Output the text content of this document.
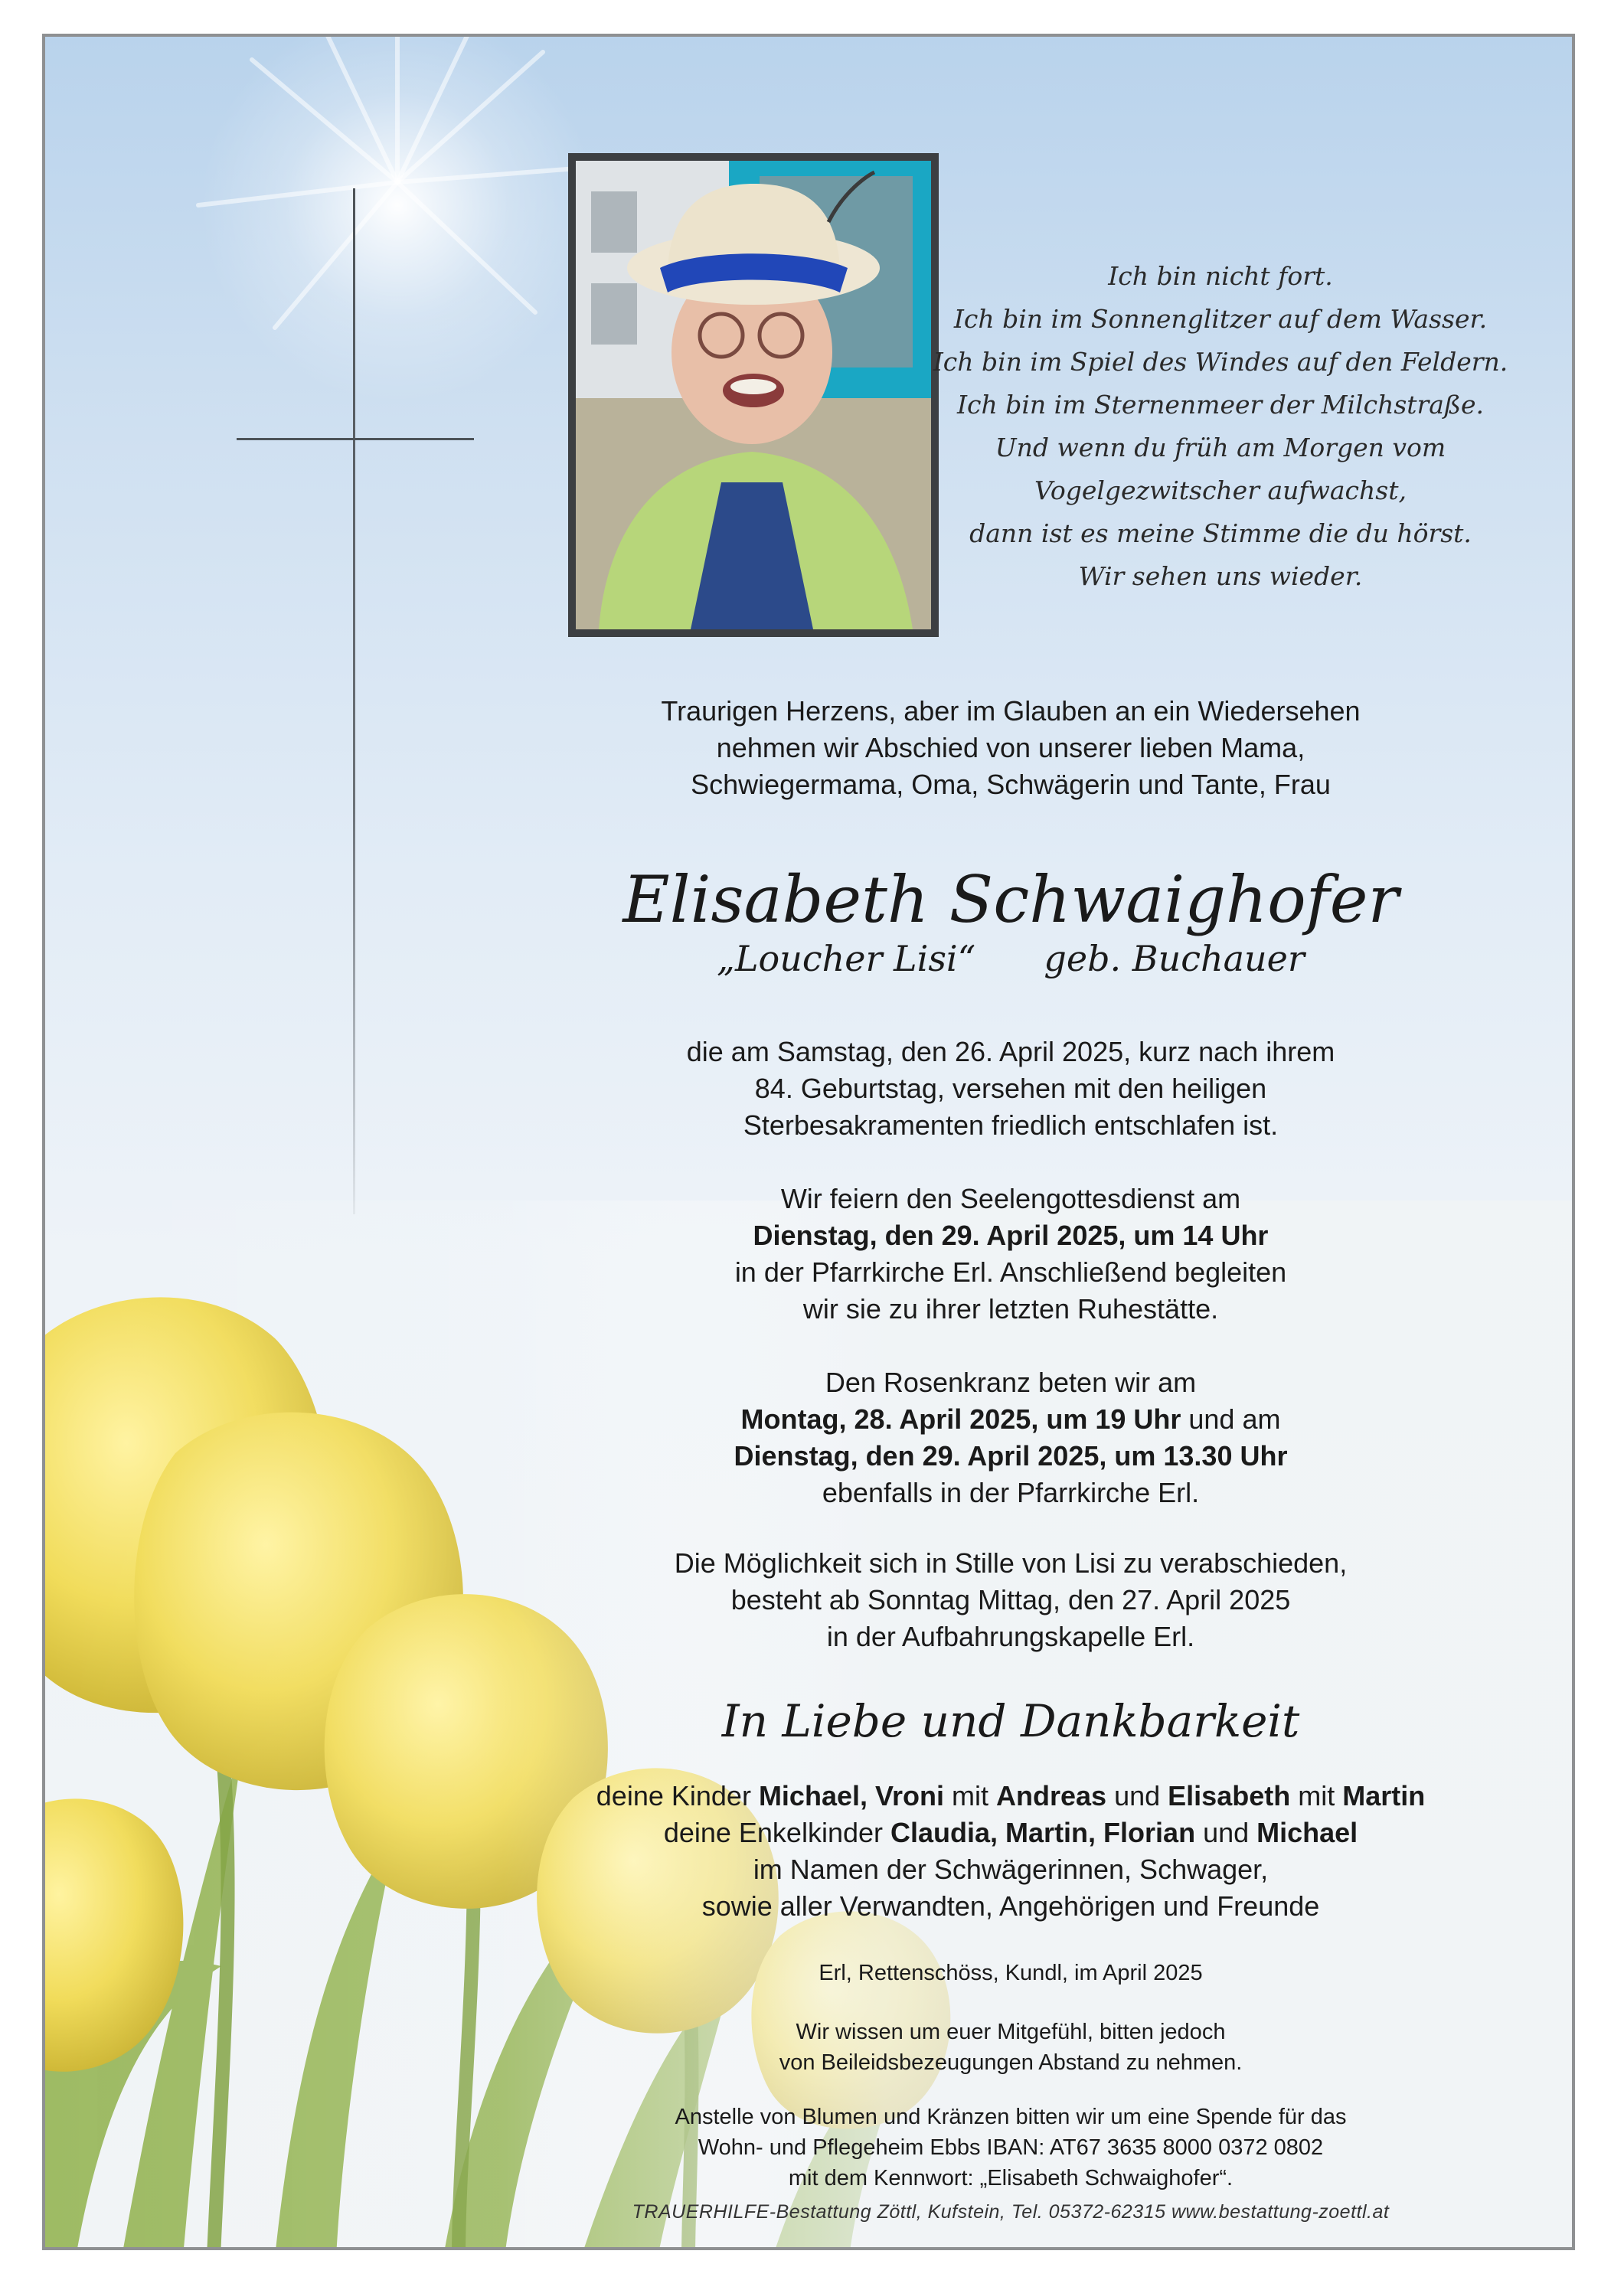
Ich bin nicht fort.
Ich bin im Sonnenglitzer auf dem Wasser.
Ich bin im Spiel des Windes auf den Feldern.
Ich bin im Sternenmeer der Milchstraße.
Und wenn du früh am Morgen vom
Vogelgezwitscher aufwachst,
dann ist es meine Stimme die du hörst.
Wir sehen uns wieder.
Traurigen Herzens, aber im Glauben an ein Wiedersehen
nehmen wir Abschied von unserer lieben Mama,
Schwiegermama, Oma, Schwägerin und Tante, Frau
Elisabeth Schwaighofer
„Loucher Lisi“ geb. Buchauer
die am Samstag, den 26. April 2025, kurz nach ihrem
84. Geburtstag, versehen mit den heiligen
Sterbesakramenten friedlich entschlafen ist.
Wir feiern den Seelengottesdienst am
Dienstag, den 29. April 2025, um 14 Uhr
in der Pfarrkirche Erl. Anschließend begleiten
wir sie zu ihrer letzten Ruhestätte.
Den Rosenkranz beten wir am
Montag, 28. April 2025, um 19 Uhr und am
Dienstag, den 29. April 2025, um 13.30 Uhr
ebenfalls in der Pfarrkirche Erl.
Die Möglichkeit sich in Stille von Lisi zu verabschieden,
besteht ab Sonntag Mittag, den 27. April 2025
in der Aufbahrungskapelle Erl.
In Liebe und Dankbarkeit
deine Kinder Michael, Vroni mit Andreas und Elisabeth mit Martin
deine Enkelkinder Claudia, Martin, Florian und Michael
im Namen der Schwägerinnen, Schwager,
sowie aller Verwandten, Angehörigen und Freunde
Erl, Rettenschöss, Kundl, im April 2025
Wir wissen um euer Mitgefühl, bitten jedoch
von Beileidsbezeugungen Abstand zu nehmen.
Anstelle von Blumen und Kränzen bitten wir um eine Spende für das
Wohn- und Pflegeheim Ebbs IBAN: AT67 3635 8000 0372 0802
mit dem Kennwort: „Elisabeth Schwaighofer“.
TRAUERHILFE-Bestattung Zöttl, Kufstein, Tel. 05372-62315 www.bestattung-zoettl.at
